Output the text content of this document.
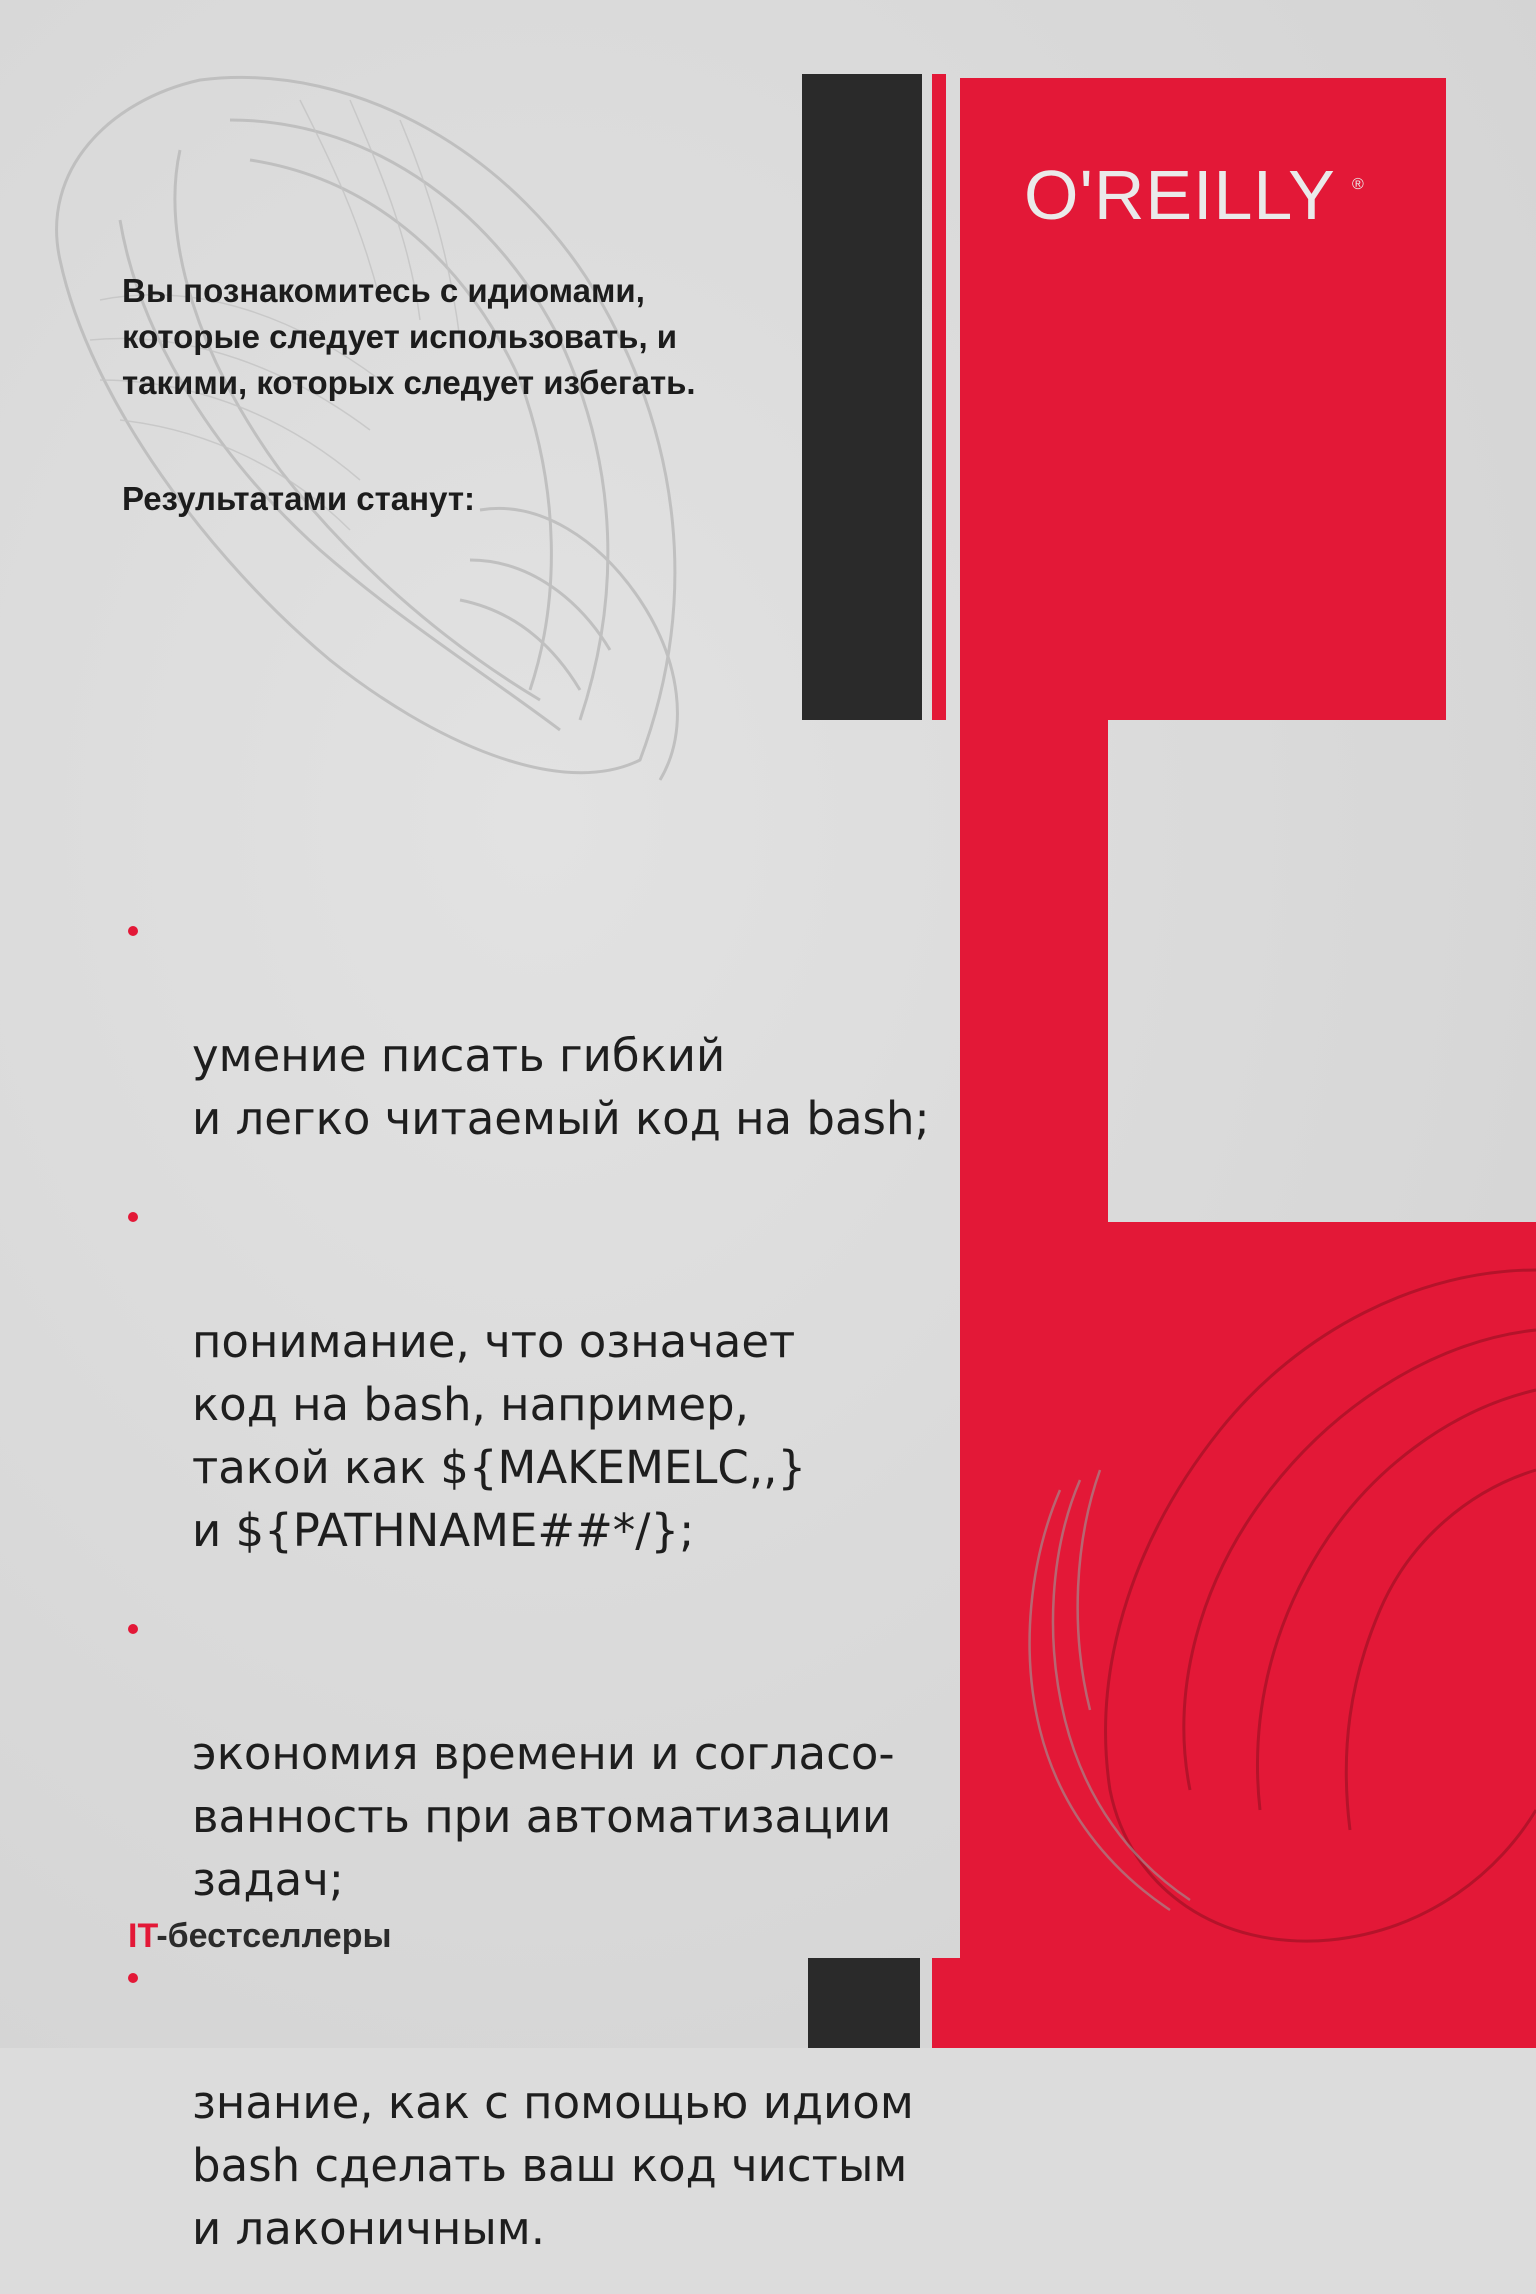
O'REILLY ®

Вы познакомитесь с идиомами, которые следует использовать, и такими, которых следует избегать.

Результатами станут:

умение писать гибкий
и легко читаемый код на bash;

понимание, что означает
код на bash, например,
такой как ${MAKEMELC,,}
и ${PATHNAME##*/};

экономия времени и согласо-
ванность при автоматизации
задач;

знание, как с помощью идиом
bash сделать ваш код чистым
и лаконичным.

IT-бестселлеры
